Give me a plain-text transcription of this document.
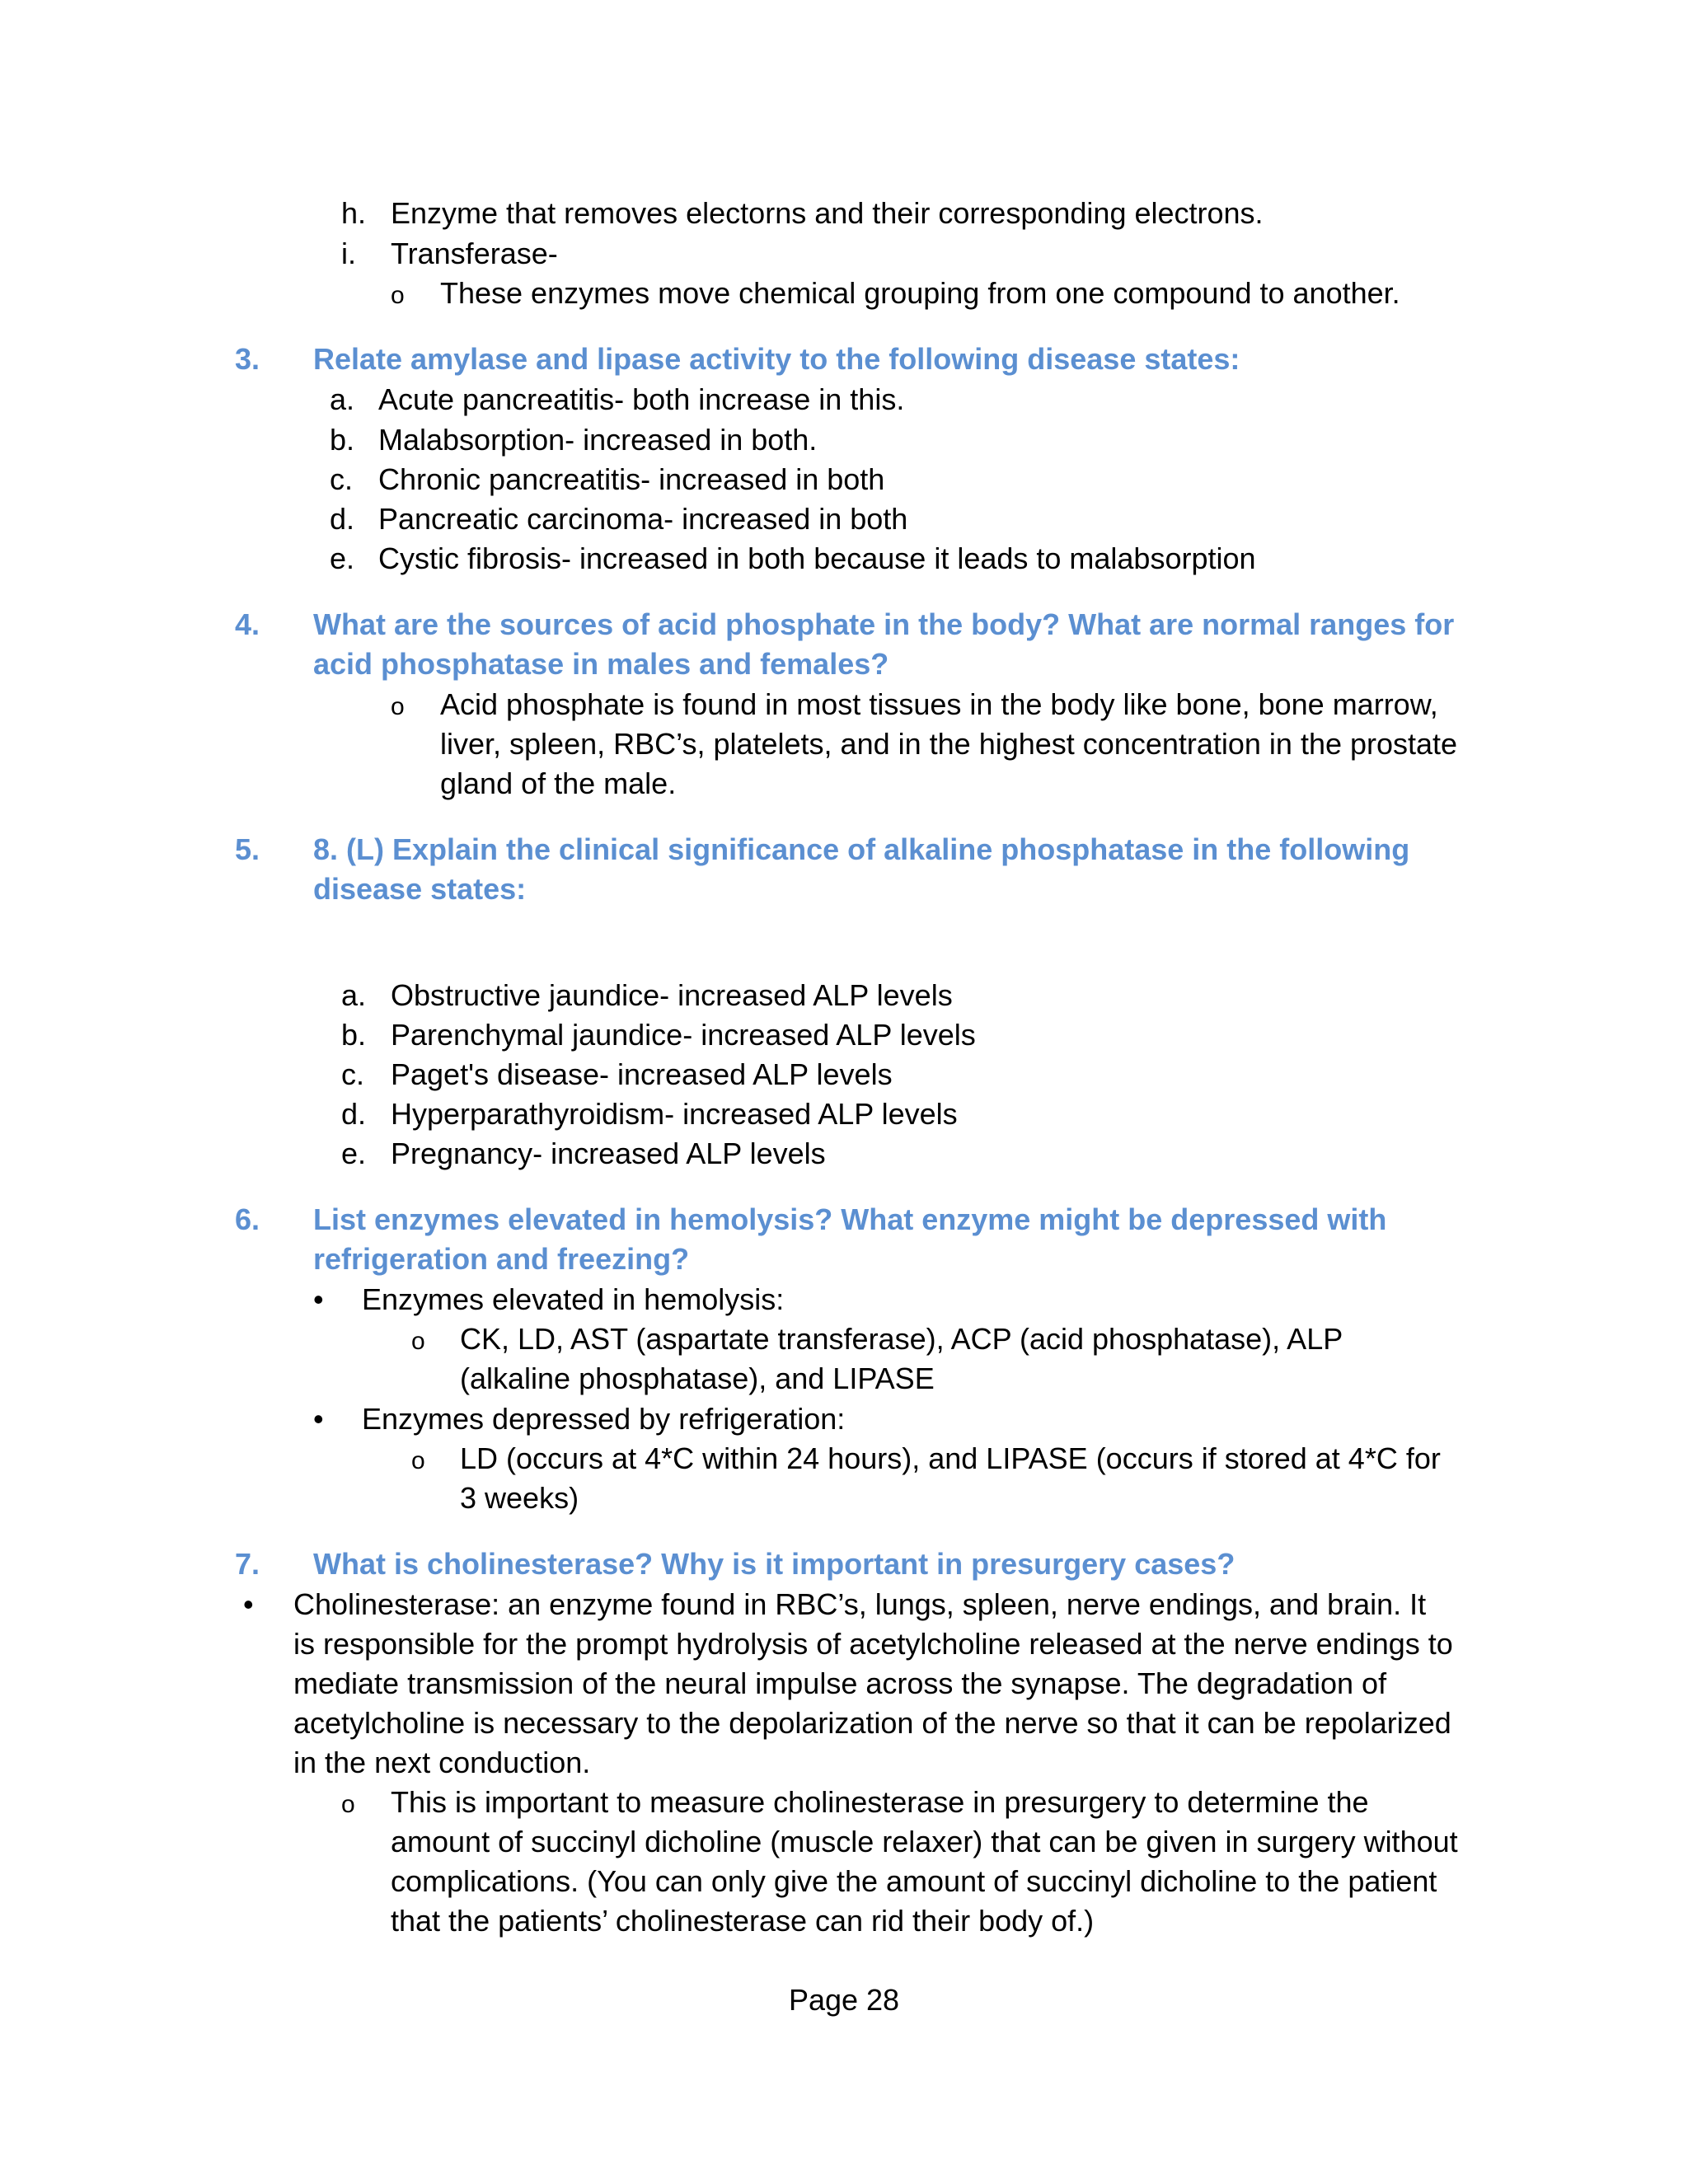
h. Enzyme that removes electorns and their corresponding electrons.
i. Transferase-
o These enzymes move chemical grouping from one compound to another.
3. Relate amylase and lipase activity to the following disease states:
a. Acute pancreatitis- both increase in this.
b. Malabsorption- increased in both.
c. Chronic pancreatitis- increased in both
d. Pancreatic carcinoma- increased in both
e. Cystic fibrosis- increased in both because it leads to malabsorption
4. What are the sources of acid phosphate in the body? What are normal ranges for
acid phosphatase in males and females?
o Acid phosphate is found in most tissues in the body like bone, bone marrow,
liver, spleen, RBC’s, platelets, and in the highest concentration in the prostate
gland of the male.
5. 8. (L) Explain the clinical significance of alkaline phosphatase in the following
disease states:
a. Obstructive jaundice- increased ALP levels
b. Parenchymal jaundice- increased ALP levels
c. Paget's disease- increased ALP levels
d. Hyperparathyroidism- increased ALP levels
e. Pregnancy- increased ALP levels
6. List enzymes elevated in hemolysis? What enzyme might be depressed with
refrigeration and freezing?
• Enzymes elevated in hemolysis:
o CK, LD, AST (aspartate transferase), ACP (acid phosphatase), ALP
(alkaline phosphatase), and LIPASE
• Enzymes depressed by refrigeration:
o LD (occurs at 4*C within 24 hours), and LIPASE (occurs if stored at 4*C for
3 weeks)
7. What is cholinesterase? Why is it important in presurgery cases?
• Cholinesterase: an enzyme found in RBC’s, lungs, spleen, nerve endings, and brain. It
is responsible for the prompt hydrolysis of acetylcholine released at the nerve endings to
mediate transmission of the neural impulse across the synapse. The degradation of
acetylcholine is necessary to the depolarization of the nerve so that it can be repolarized
in the next conduction.
o This is important to measure cholinesterase in presurgery to determine the
amount of succinyl dicholine (muscle relaxer) that can be given in surgery without
complications. (You can only give the amount of succinyl dicholine to the patient
that the patients’ cholinesterase can rid their body of.)
Page 28
